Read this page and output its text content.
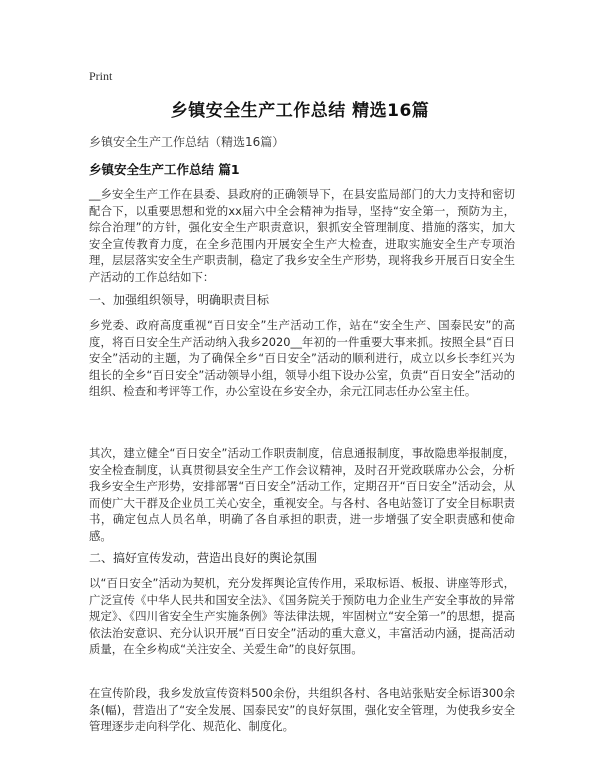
Print
乡镇安全生产工作总结 精选16篇
乡镇安全生产工作总结（精选16篇）
乡镇安全生产工作总结 篇1
__乡安全生产工作在县委、县政府的正确领导下，在县安监局部门的大力支持和密切配合下，以重要思想和党的xx届六中全会精神为指导，坚持“安全第一，预防为主，综合治理”的方针，强化安全生产职责意识，狠抓安全管理制度、措施的落实，加大安全宣传教育力度，在全乡范围内开展安全生产大检查，进取实施安全生产专项治理，层层落实安全生产职责制，稳定了我乡安全生产形势，现将我乡开展百日安全生产活动的工作总结如下：
一、加强组织领导，明确职责目标
乡党委、政府高度重视“百日安全”生产活动工作，站在“安全生产、国泰民安”的高度，将百日安全生产活动纳入我乡2020__年初的一件重要大事来抓。按照全县“百日安全”活动的主题，为了确保全乡“百日安全”活动的顺利进行，成立以乡长李红兴为组长的全乡“百日安全”活动领导小组，领导小组下设办公室，负责“百日安全”活动的组织、检查和考评等工作，办公室设在乡安全办，余元江同志任办公室主任。
其次，建立健全“百日安全”活动工作职责制度，信息通报制度，事故隐患举报制度，安全检查制度，认真贯彻县安全生产工作会议精神，及时召开党政联席办公会，分析我乡安全生产形势，安排部署“百日安全”活动工作，定期召开“百日安全”活动会，从而使广大干群及企业员工关心安全，重视安全。与各村、各电站签订了安全目标职责书，确定包点人员名单，明确了各自承担的职责，进一步增强了安全职责感和使命感。
二、搞好宣传发动，营造出良好的舆论氛围
以“百日安全”活动为契机，充分发挥舆论宣传作用，采取标语、板报、讲座等形式，广泛宣传《中华人民共和国安全法》、《国务院关于预防电力企业生产安全事故的异常规定》、《四川省安全生产实施条例》等法律法规，牢固树立“安全第一”的思想，提高依法治安意识、充分认识开展“百日安全”活动的重大意义，丰富活动内涵，提高活动质量，在全乡构成“关注安全、关爱生命”的良好氛围。
在宣传阶段，我乡发放宣传资料500余份，共组织各村、各电站张贴安全标语300余条(幅)，营造出了“安全发展、国泰民安”的良好氛围，强化安全管理，为使我乡安全管理逐步走向科学化、规范化、制度化。
